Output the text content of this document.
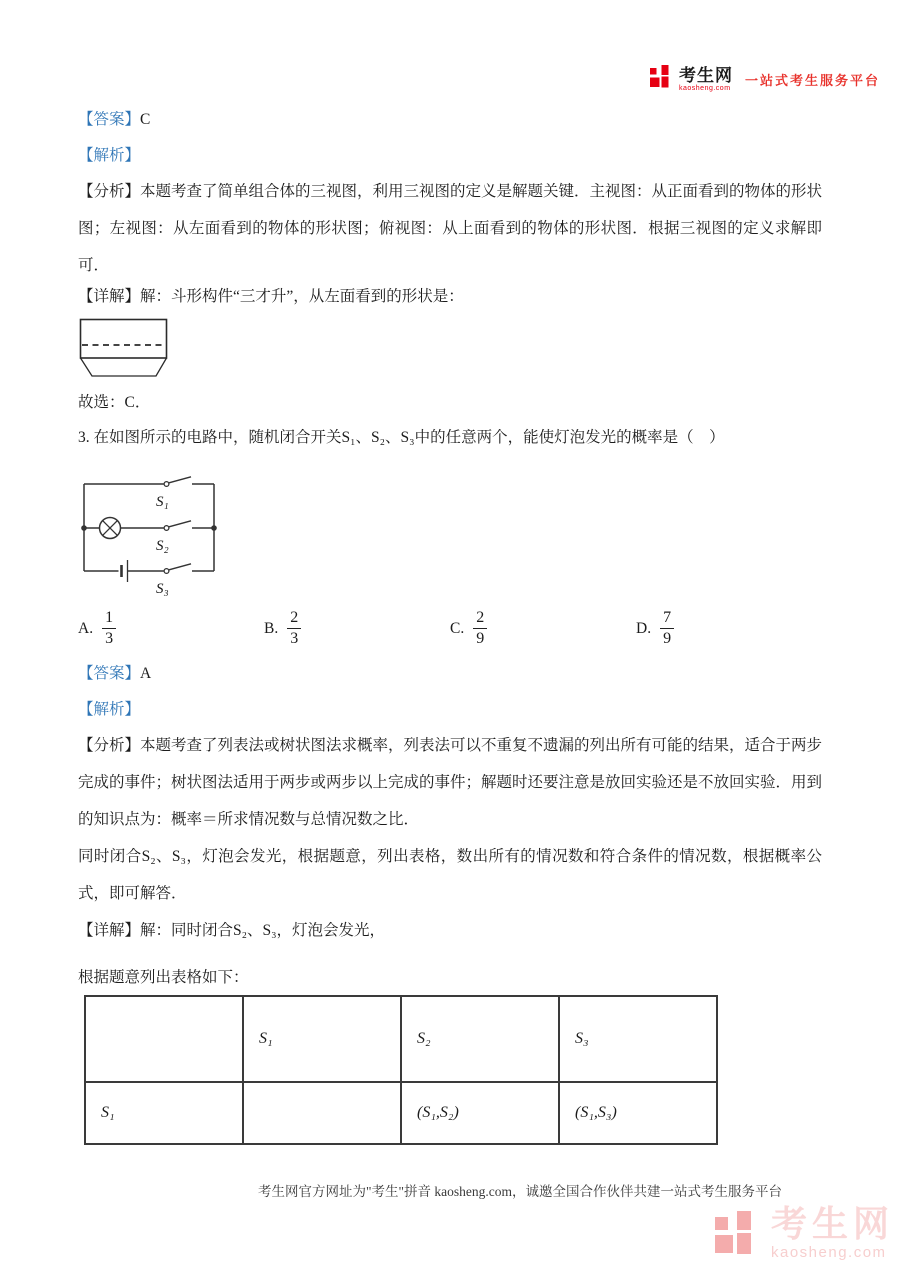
考生网
kaosheng.com
一站式考生服务平台
【答案】C
【解析】
【分析】本题考查了简单组合体的三视图，利用三视图的定义是解题关键．主视图：从正面看到的物体的形状图；左视图：从左面看到的物体的形状图；俯视图：从上面看到的物体的形状图．根据三视图的定义求解即可．
【详解】解：斗形构件“三才升”，从左面看到的形状是：
故选：C．
3. 在如图所示的电路中，随机闭合开关S₁、S₂、S₃中的任意两个，能使灯泡发光的概率是（　）
S₁
S₂
S₃
A. $\frac{1}{3}$	B. $\frac{2}{3}$	C. $\frac{2}{9}$	D. $\frac{7}{9}$
【答案】A
【解析】
【分析】本题考查了列表法或树状图法求概率，列表法可以不重复不遗漏的列出所有可能的结果，适合于两步完成的事件；树状图法适用于两步或两步以上完成的事件；解题时还要注意是放回实验还是不放回实验．用到的知识点为：概率＝所求情况数与总情况数之比．
同时闭合S₂、S₃，灯泡会发光，根据题意，列出表格，数出所有的情况数和符合条件的情况数，根据概率公式，即可解答．
【详解】解：同时闭合S₂、S₃，灯泡会发光，
根据题意列出表格如下：
	S₁	S₂	S₃
S₁		(S₁,S₂)	(S₁,S₃)
考生网官方网址为"考生"拼音 kaosheng.com，诚邀全国合作伙伴共建一站式考生服务平台
考生网
kaosheng.com
